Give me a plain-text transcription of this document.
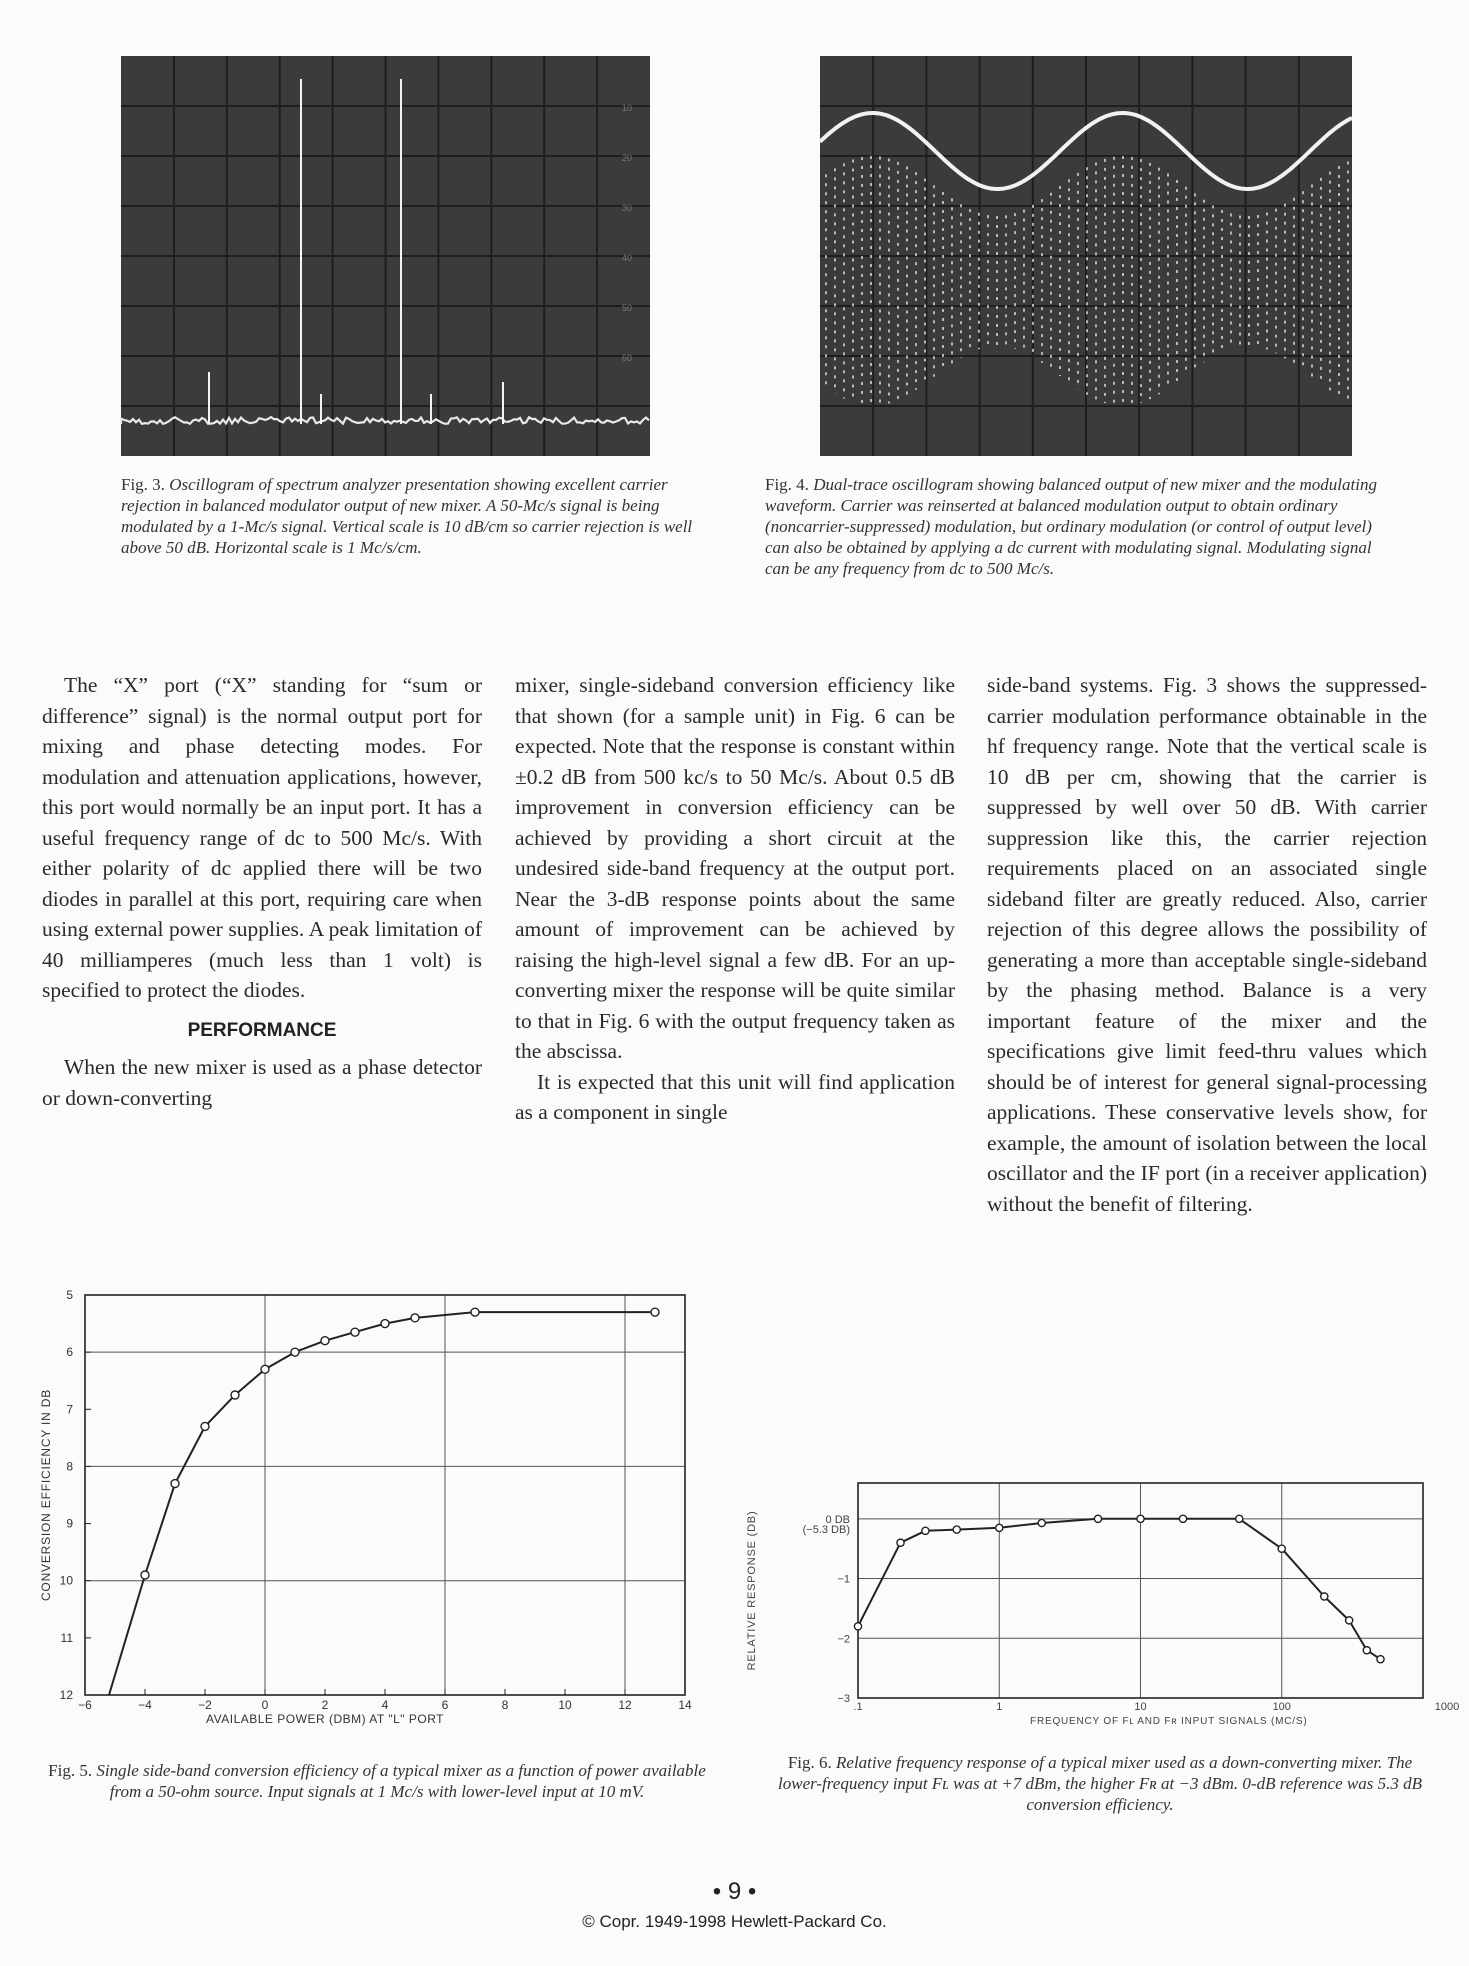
10
20
30
40
50
60
Fig. 3. Oscillogram of spectrum analyzer presentation showing excellent carrier rejection in balanced modulator output of new mixer. A 50-Mc/s signal is being modulated by a 1-Mc/s signal. Vertical scale is 10 dB/cm so carrier rejection is well above 50 dB. Horizontal scale is 1 Mc/s/cm.
Fig. 4. Dual-trace oscillogram showing balanced output of new mixer and the modulating waveform. Carrier was reinserted at balanced modulation output to obtain ordinary (noncarrier-suppressed) modulation, but ordinary modulation (or control of output level) can also be obtained by applying a dc current with modulating signal. Modulating signal can be any frequency from dc to 500 Mc/s.

The “X” port (“X” standing for “sum or difference” signal) is the normal output port for mixing and phase detecting modes. For modulation and attenuation applications, however, this port would normally be an input port. It has a useful frequency range of dc to 500 Mc/s. With either polarity of dc applied there will be two diodes in parallel at this port, requiring care when using external power supplies. A peak limitation of 40 milliamperes (much less than 1 volt) is specified to protect the diodes.

PERFORMANCE

When the new mixer is used as a phase detector or down-converting

mixer, single-sideband conversion efficiency like that shown (for a sample unit) in Fig. 6 can be expected. Note that the response is constant within ±0.2 dB from 500 kc/s to 50 Mc/s. About 0.5 dB improvement in conversion efficiency can be achieved by providing a short circuit at the undesired side-band frequency at the output port. Near the 3-dB response points about the same amount of improvement can be achieved by raising the high-level signal a few dB. For an up-converting mixer the response will be quite similar to that in Fig. 6 with the output frequency taken as the abscissa.

It is expected that this unit will find application as a component in single

side-band systems. Fig. 3 shows the suppressed-carrier modulation performance obtainable in the hf frequency range. Note that the vertical scale is 10 dB per cm, showing that the carrier is suppressed by well over 50 dB. With carrier suppression like this, the carrier rejection requirements placed on an associated single sideband filter are greatly reduced. Also, carrier rejection of this degree allows the possibility of generating a more than acceptable single-sideband by the phasing method. Balance is a very important feature of the mixer and the specifications give limit feed-thru values which should be of interest for general signal-processing applications. These conservative levels show, for example, the amount of isolation between the local oscillator and the IF port (in a receiver application) without the benefit of filtering.

−6	−4	−2	0	2	4	6	8	10	12	14
5
6
7
8
9
10
11
12
AVAILABLE POWER (DBM) AT "L" PORT
CONVERSION EFFICIENCY IN DB
Fig. 5. Single side-band conversion efficiency of a typical mixer as a function of power available from a 50-ohm source. Input signals at 1 Mc/s with lower-level input at 10 mV.
.1	1	10	100	1000
0 DB
(−5.3 DB)
−1
−2
−3
FREQUENCY OF Fʟ AND Fʀ INPUT SIGNALS (MC/S)
RELATIVE RESPONSE (DB)
Fig. 6. Relative frequency response of a typical mixer used as a down-converting mixer. The lower-frequency input Fʟ was at +7 dBm, the higher Fʀ at −3 dBm. 0-dB reference was 5.3 dB conversion efficiency.
• 9 •
© Copr. 1949-1998 Hewlett-Packard Co.
